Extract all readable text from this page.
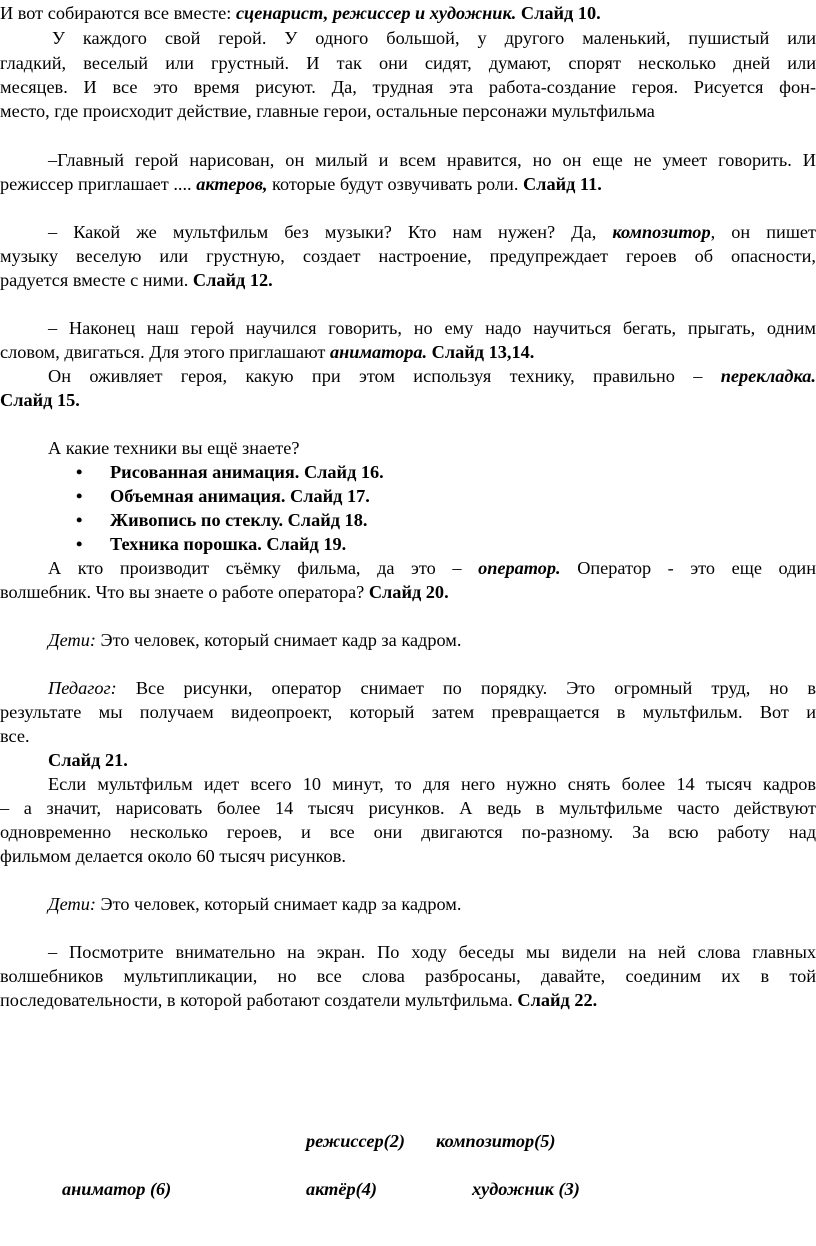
И вот собираются все вместе: сценарист, режиссер и художник. Слайд 10.
У каждого свой герой. У одного большой, у другого маленький, пушистый или
гладкий, веселый или грустный. И так они сидят, думают, спорят несколько дней или
месяцев. И все это время рисуют. Да, трудная эта работа-создание героя. Рисуется фон-
место, где происходит действие, главные герои, остальные персонажи мультфильма
–Главный герой нарисован, он милый и всем нравится, но он еще не умеет говорить. И
режиссер приглашает .... актеров, которые будут озвучивать роли. Слайд 11.
– Какой же мультфильм без музыки? Кто нам нужен? Да, композитор, он пишет
музыку веселую или грустную, создает настроение, предупреждает героев об опасности,
радуется вместе с ними. Слайд 12.
– Наконец наш герой научился говорить, но ему надо научиться бегать, прыгать, одним
словом, двигаться. Для этого приглашают аниматора. Слайд 13,14.
Он оживляет героя, какую при этом используя технику, правильно – перекладка.
Слайд 15.
А какие техники вы ещё знаете?
• Рисованная анимация. Слайд 16.
• Объемная анимация. Слайд 17.
• Живопись по стеклу. Слайд 18.
• Техника порошка. Слайд 19.
А кто производит съёмку фильма, да это – оператор. Оператор - это еще один
волшебник. Что вы знаете о работе оператора? Слайд 20.
Дети: Это человек, который снимает кадр за кадром.
Педагог: Все рисунки, оператор снимает по порядку. Это огромный труд, но в
результате мы получаем видеопроект, который затем превращается в мультфильм. Вот и
все.
Слайд 21.
Если мультфильм идет всего 10 минут, то для него нужно снять более 14 тысяч кадров
– а значит, нарисовать более 14 тысяч рисунков. А ведь в мультфильме часто действуют
одновременно несколько героев, и все они двигаются по-разному. За всю работу над
фильмом делается около 60 тысяч рисунков.
Дети: Это человек, который снимает кадр за кадром.
– Посмотрите внимательно на экран. По ходу беседы мы видели на ней слова главных
волшебников мультипликации, но все слова разбросаны, давайте, соединим их в той
последовательности, в которой работают создатели мультфильма. Слайд 22.
режиссер(2) композитор(5)
аниматор (6)	актёр(4)	художник (3)
